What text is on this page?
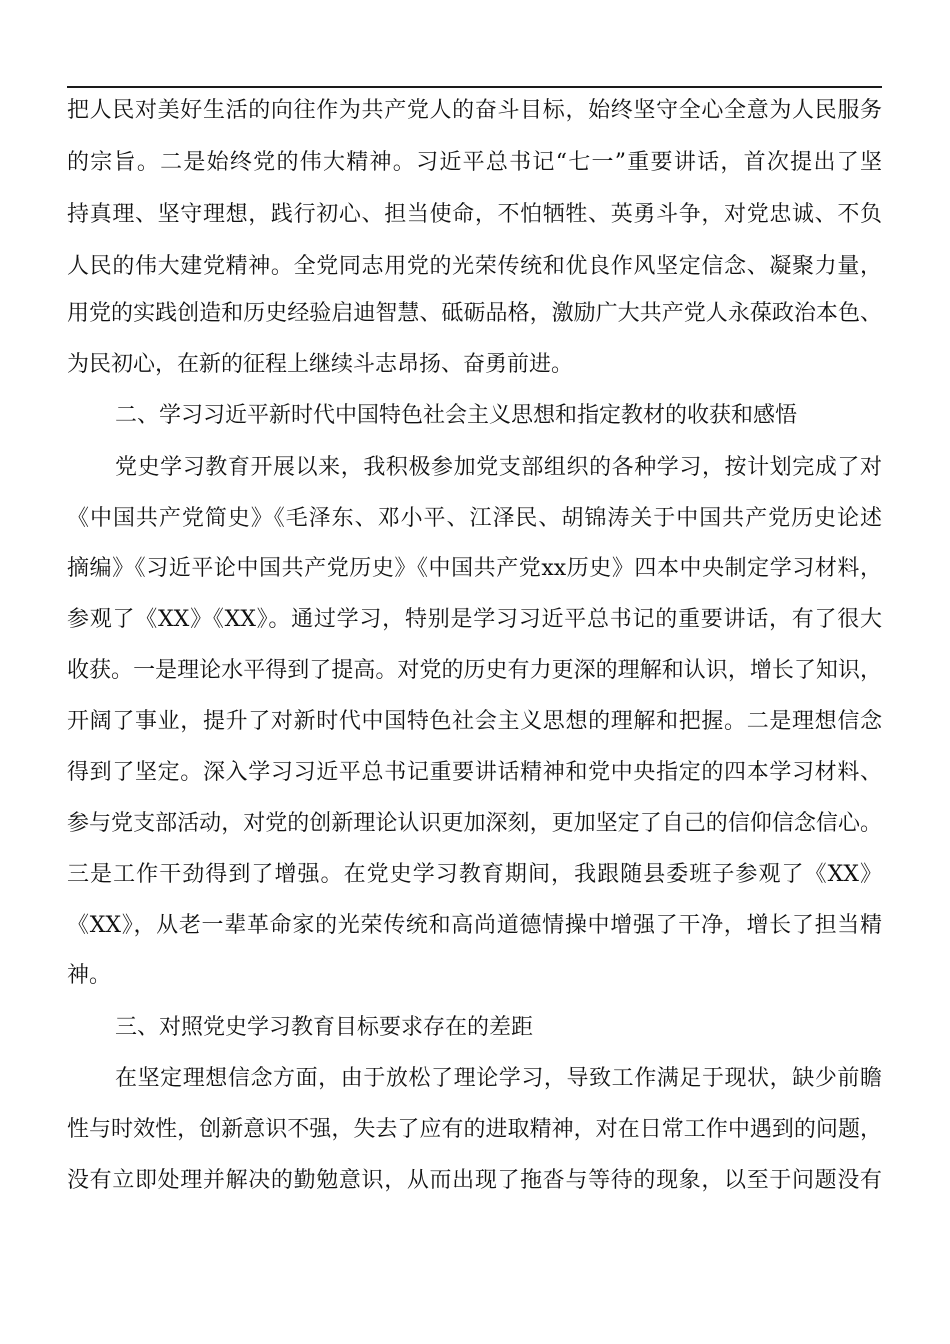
把人民对美好生活的向往作为共产党人的奋斗目标，始终坚守全心全意为人民服务
的宗旨。二是始终党的伟大精神。习近平总书记“七一”重要讲话，首次提出了坚
持真理、坚守理想，践行初心、担当使命，不怕牺牲、英勇斗争，对党忠诚、不负
人民的伟大建党精神。全党同志用党的光荣传统和优良作风坚定信念、凝聚力量，
用党的实践创造和历史经验启迪智慧、砥砺品格，激励广大共产党人永葆政治本色、
为民初心，在新的征程上继续斗志昂扬、奋勇前进。
二、学习习近平新时代中国特色社会主义思想和指定教材的收获和感悟
党史学习教育开展以来，我积极参加党支部组织的各种学习，按计划完成了对
《中国共产党简史》《毛泽东、邓小平、江泽民、胡锦涛关于中国共产党历史论述
摘编》《习近平论中国共产党历史》《中国共产党xx历史》四本中央制定学习材料，
参观了《XX》《XX》。通过学习，特别是学习习近平总书记的重要讲话，有了很大
收获。一是理论水平得到了提高。对党的历史有力更深的理解和认识，增长了知识，
开阔了事业，提升了对新时代中国特色社会主义思想的理解和把握。二是理想信念
得到了坚定。深入学习习近平总书记重要讲话精神和党中央指定的四本学习材料、
参与党支部活动，对党的创新理论认识更加深刻，更加坚定了自己的信仰信念信心。
三是工作干劲得到了增强。在党史学习教育期间，我跟随县委班子参观了《XX》
《XX》，从老一辈革命家的光荣传统和高尚道德情操中增强了干净，增长了担当精
神。
三、对照党史学习教育目标要求存在的差距
在坚定理想信念方面，由于放松了理论学习，导致工作满足于现状，缺少前瞻
性与时效性，创新意识不强，失去了应有的进取精神，对在日常工作中遇到的问题，
没有立即处理并解决的勤勉意识，从而出现了拖沓与等待的现象，以至于问题没有
